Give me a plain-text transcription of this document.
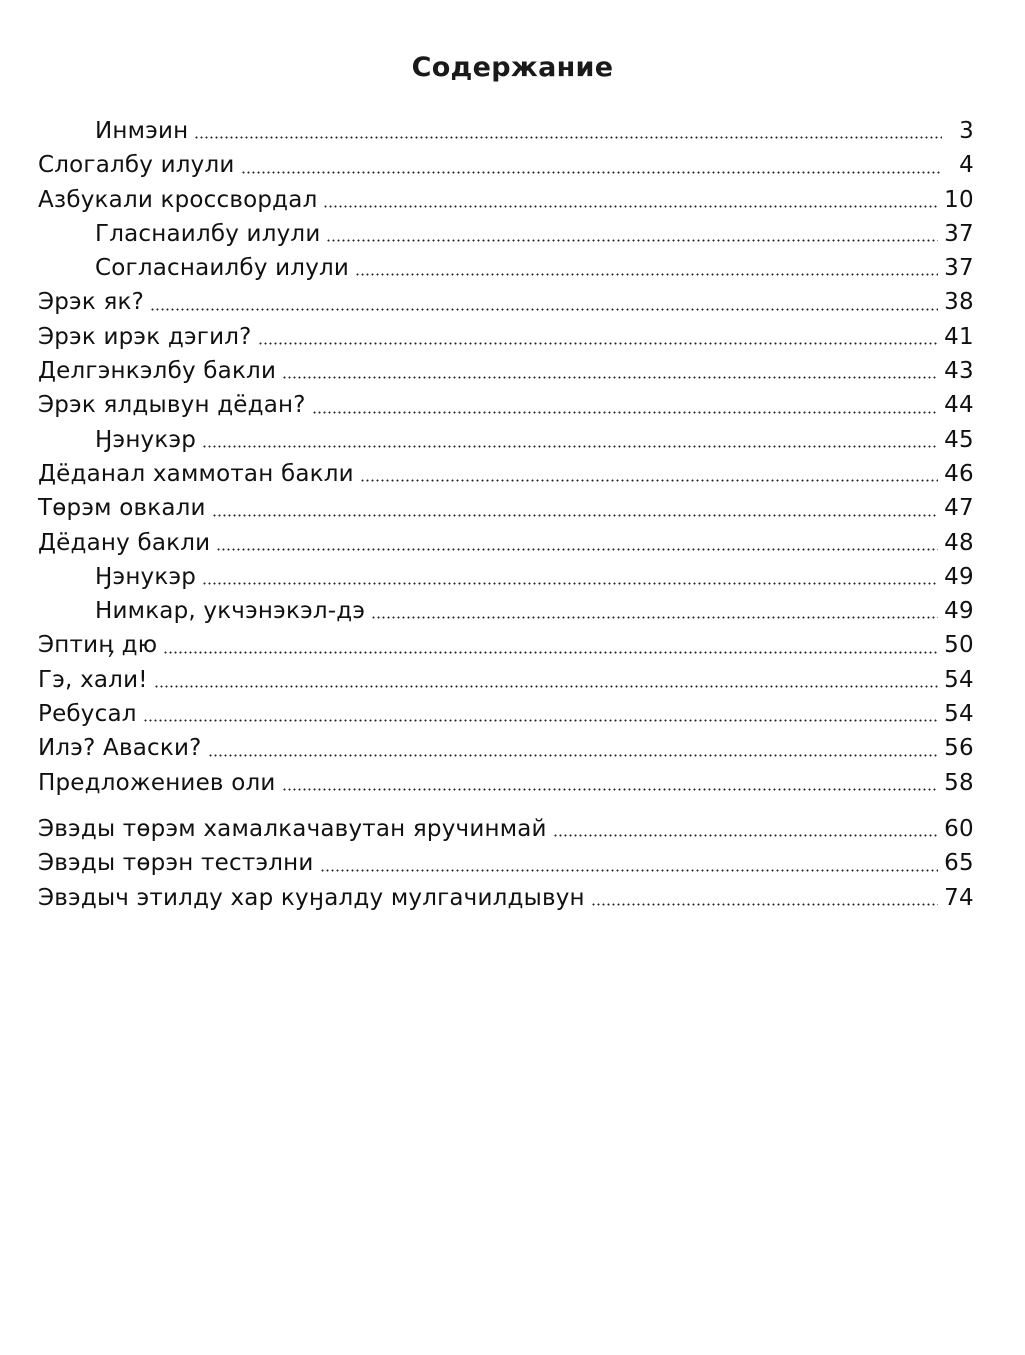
Содержание
Инмэин	3
Слогалбу илули	4
Азбукали кроссвордал	10
Гласнаилбу илули	37
Согласнаилбу илули	37
Эрэк як?	38
Эрэк ирэк дэгил?	41
Делгэнкэлбу бакли	43
Эрэк ялдывун дёдан?	44
Ӈэнукэр	45
Дёданал хаммотан бакли	46
Төрэм овкали	47
Дёдану бакли	48
Ӈэнукэр	49
Нимкар, укчэнэкэл-дэ	49
Эптиӊ дю	50
Гэ, хали!	54
Ребусал	54
Илэ? Аваски?	56
Предложениев оли	58
Эвэды төрэм хамалкачавутан яручинмай	60
Эвэды төрэн тестэлни	65
Эвэдыч этилду хар куӈалду мулгачилдывун	74
